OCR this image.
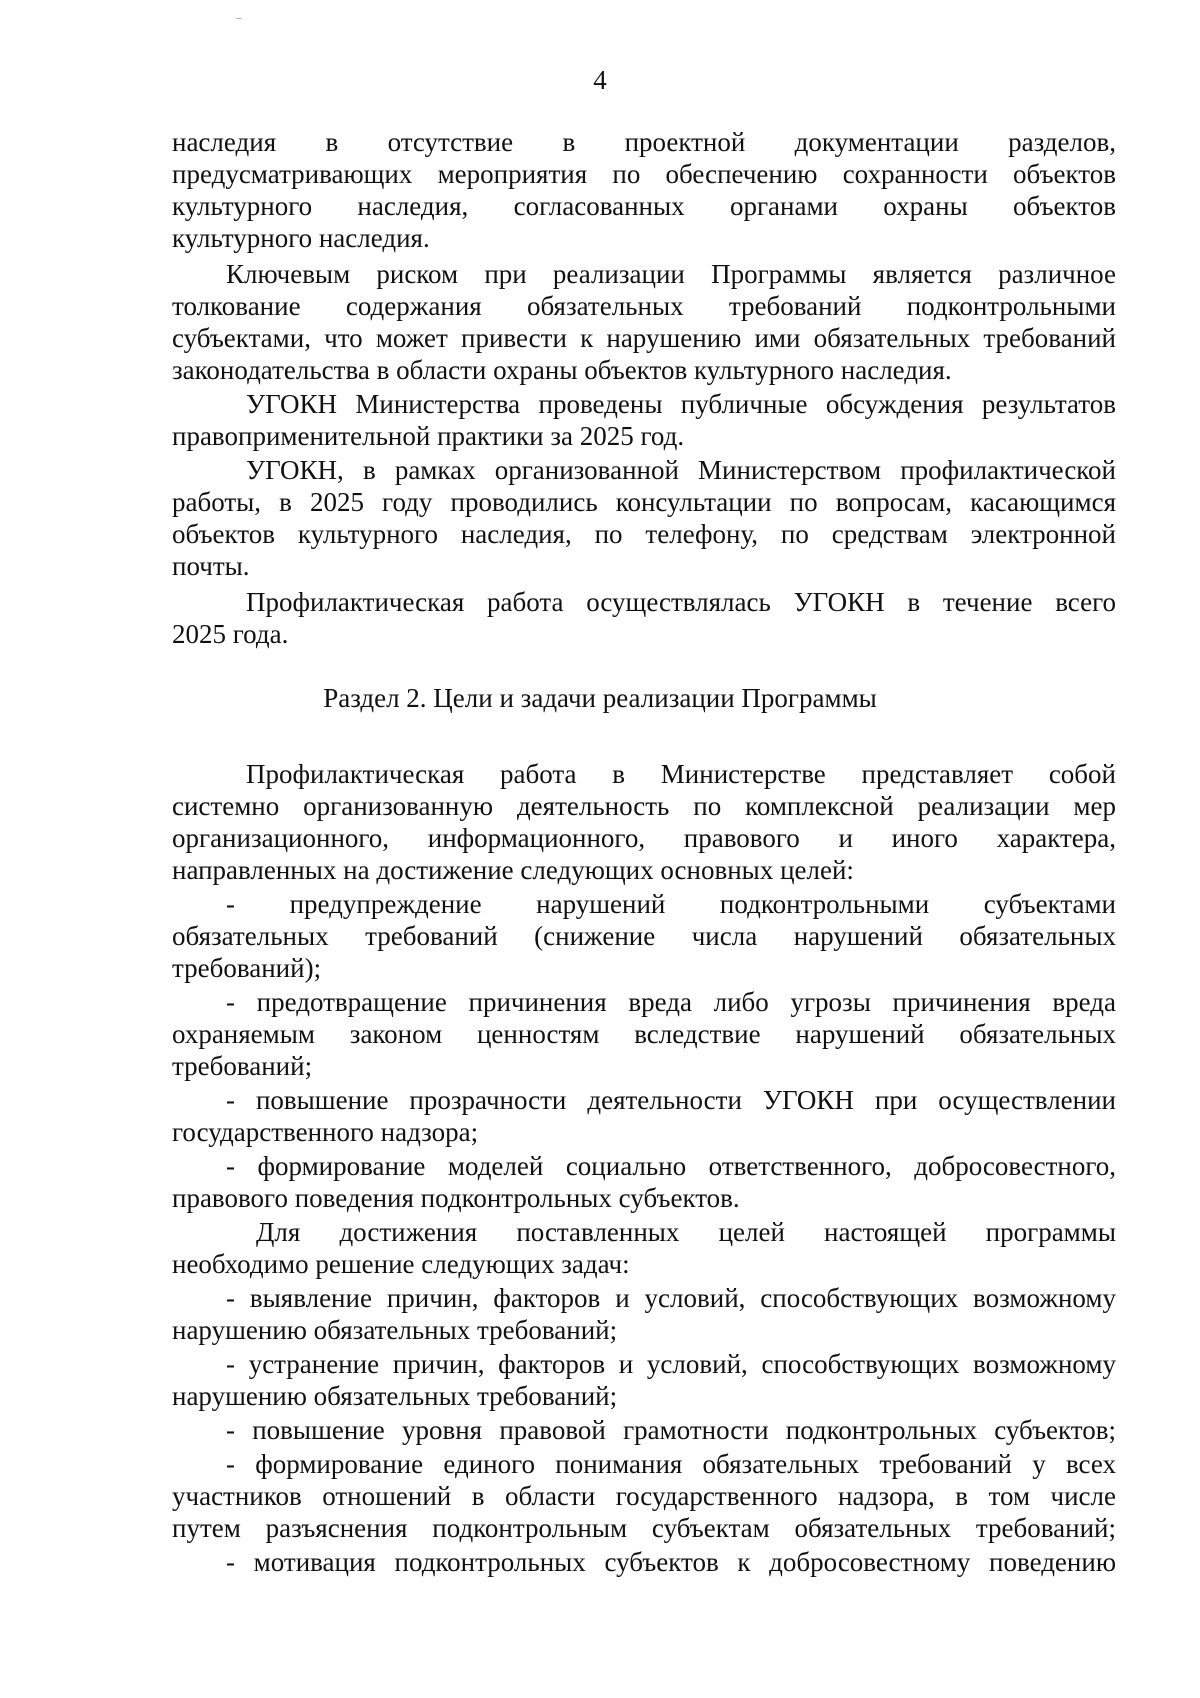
4
наследия в отсутствие в проектной документации разделов,
предусматривающих мероприятия по обеспечению сохранности объектов
культурного наследия, согласованных органами охраны объектов
культурного наследия.
Ключевым риском при реализации Программы является различное
толкование содержания обязательных требований подконтрольными
субъектами, что может привести к нарушению ими обязательных требований
законодательства в области охраны объектов культурного наследия.
УГОКН Министерства проведены публичные обсуждения результатов
правоприменительной практики за 2025 год.
УГОКН, в рамках организованной Министерством профилактической
работы, в 2025 году проводились консультации по вопросам, касающимся
объектов культурного наследия, по телефону, по средствам электронной
почты.
Профилактическая работа осуществлялась УГОКН в течение всего
2025 года.
Раздел 2. Цели и задачи реализации Программы
Профилактическая работа в Министерстве представляет собой
системно организованную деятельность по комплексной реализации мер
организационного, информационного, правового и иного характера,
направленных на достижение следующих основных целей:
- предупреждение нарушений подконтрольными субъектами
обязательных требований (снижение числа нарушений обязательных
требований);
- предотвращение причинения вреда либо угрозы причинения вреда
охраняемым законом ценностям вследствие нарушений обязательных
требований;
- повышение прозрачности деятельности УГОКН при осуществлении
государственного надзора;
- формирование моделей социально ответственного, добросовестного,
правового поведения подконтрольных субъектов.
Для достижения поставленных целей настоящей программы
необходимо решение следующих задач:
- выявление причин, факторов и условий, способствующих возможному
нарушению обязательных требований;
- устранение причин, факторов и условий, способствующих возможному
нарушению обязательных требований;
- повышение уровня правовой грамотности подконтрольных субъектов;
- формирование единого понимания обязательных требований у всех
участников отношений в области государственного надзора, в том числе
путем разъяснения подконтрольным субъектам обязательных требований;
- мотивация подконтрольных субъектов к добросовестному поведению
